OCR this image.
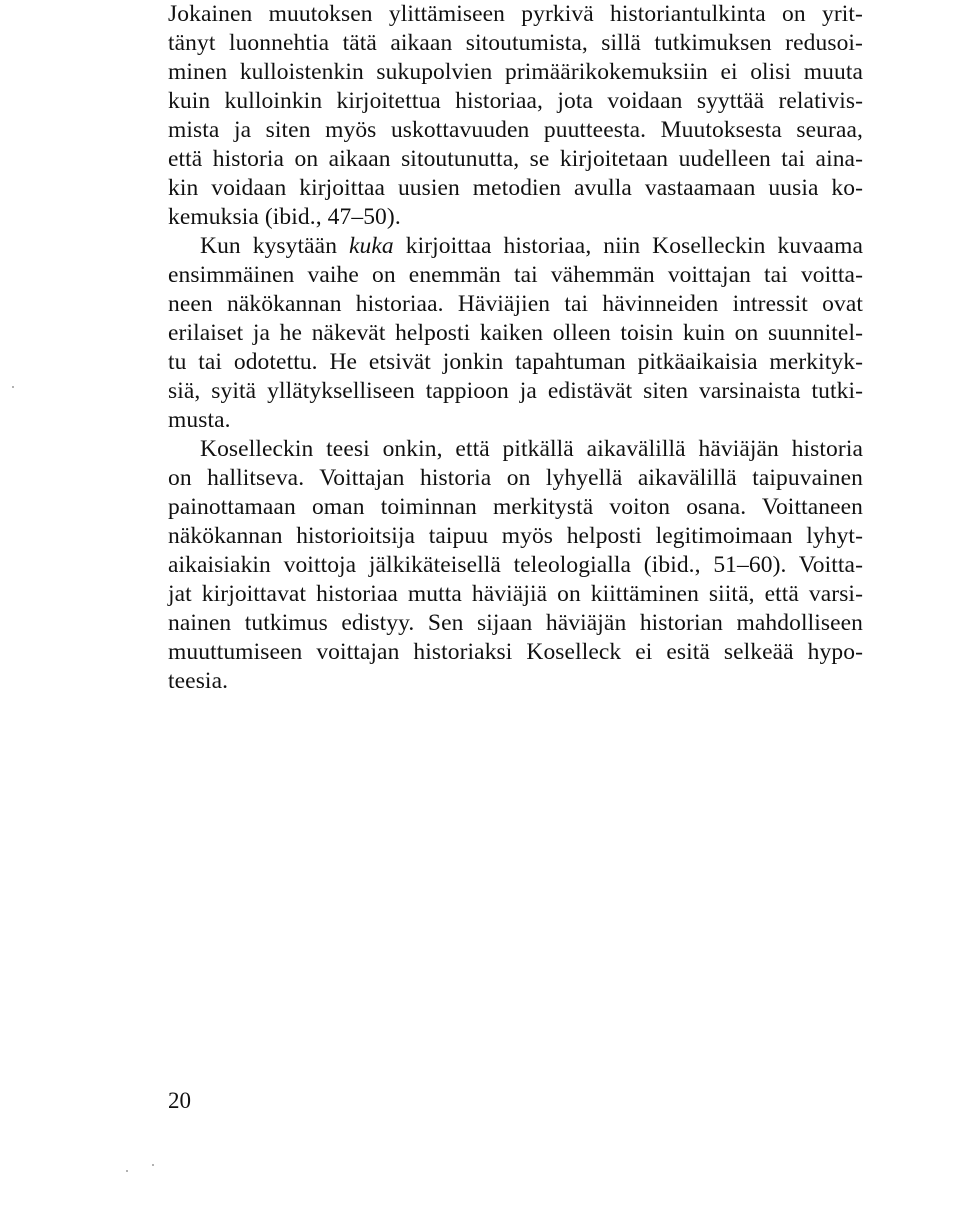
Jokainen muutoksen ylittämiseen pyrkivä historiantulkinta on yrit-
tänyt luonnehtia tätä aikaan sitoutumista, sillä tutkimuksen redusoi-
minen kulloistenkin sukupolvien primäärikokemuksiin ei olisi muuta
kuin kulloinkin kirjoitettua historiaa, jota voidaan syyttää relativis-
mista ja siten myös uskottavuuden puutteesta. Muutoksesta seuraa,
että historia on aikaan sitoutunutta, se kirjoitetaan uudelleen tai aina-
kin voidaan kirjoittaa uusien metodien avulla vastaamaan uusia ko-
kemuksia (ibid., 47–50).
Kun kysytään kuka kirjoittaa historiaa, niin Koselleckin kuvaama
ensimmäinen vaihe on enemmän tai vähemmän voittajan tai voitta-
neen näkökannan historiaa. Häviäjien tai hävinneiden intressit ovat
erilaiset ja he näkevät helposti kaiken olleen toisin kuin on suunnitel-
tu tai odotettu. He etsivät jonkin tapahtuman pitkäaikaisia merkityk-
siä, syitä yllätykselliseen tappioon ja edistävät siten varsinaista tutki-
musta.
Koselleckin teesi onkin, että pitkällä aikavälillä häviäjän historia
on hallitseva. Voittajan historia on lyhyellä aikavälillä taipuvainen
painottamaan oman toiminnan merkitystä voiton osana. Voittaneen
näkökannan historioitsija taipuu myös helposti legitimoimaan lyhyt-
aikaisiakin voittoja jälkikäteisellä teleologialla (ibid., 51–60). Voitta-
jat kirjoittavat historiaa mutta häviäjiä on kiittäminen siitä, että varsi-
nainen tutkimus edistyy. Sen sijaan häviäjän historian mahdolliseen
muuttumiseen voittajan historiaksi Koselleck ei esitä selkeää hypo-
teesia.
20
